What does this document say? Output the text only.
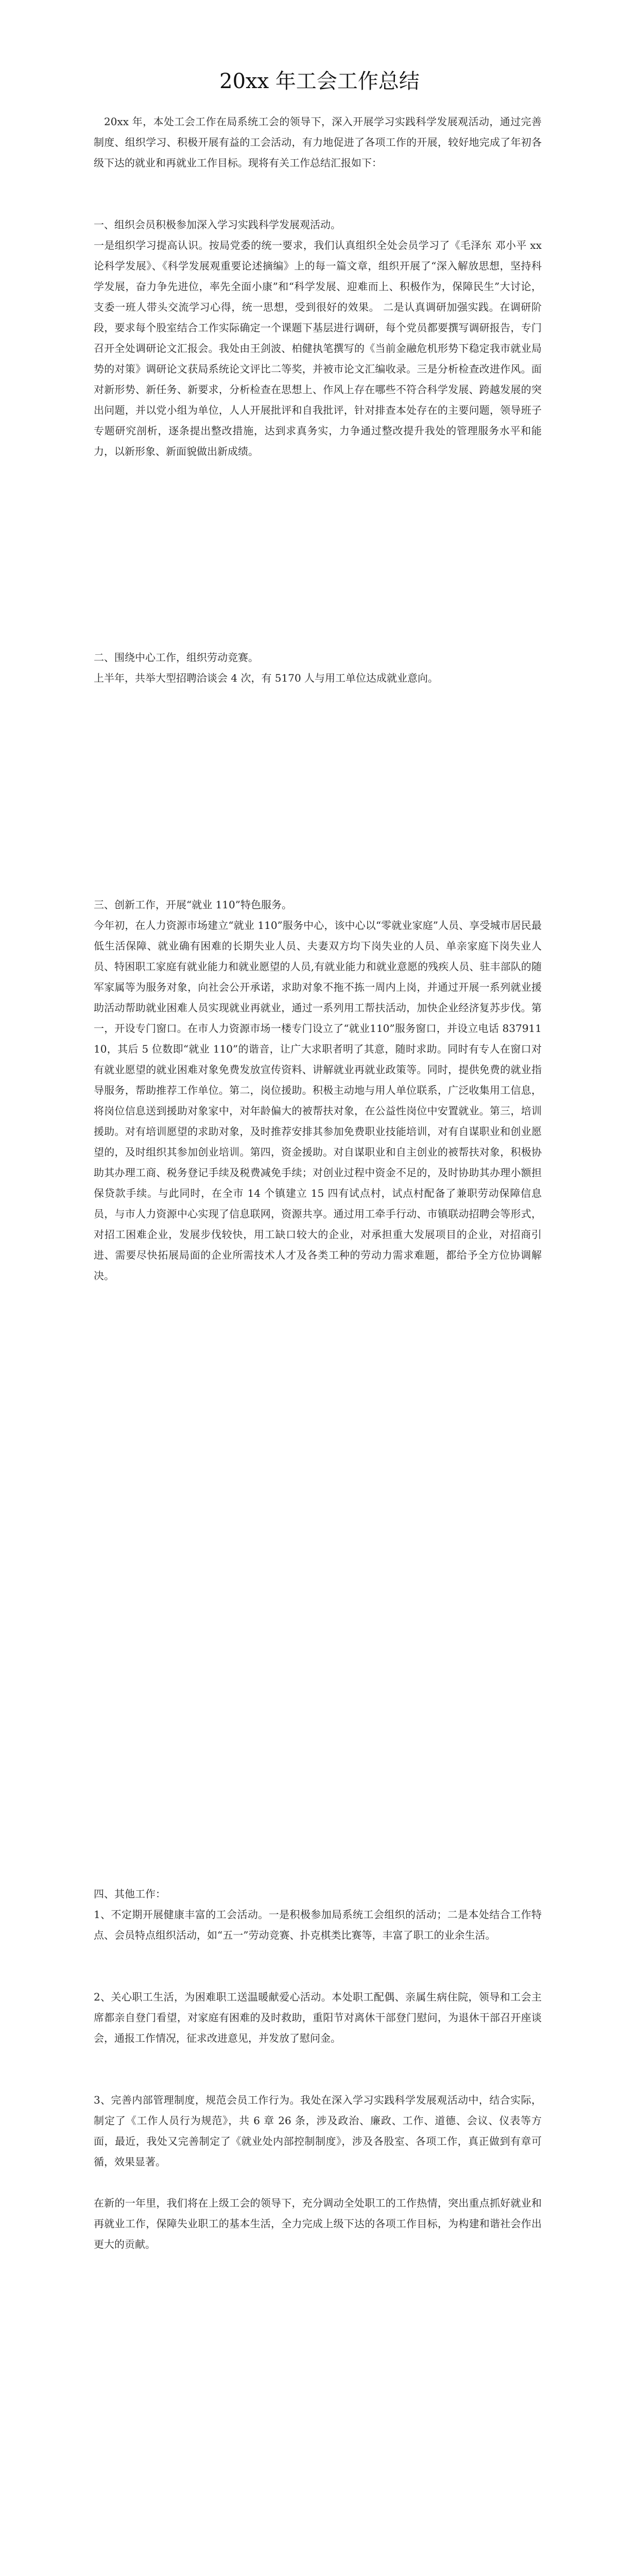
20xx 年工会工作总结

20xx 年，本处工会工作在局系统工会的领导下，深入开展学习实践科学发展观活动，通过完善制度、组织学习、积极开展有益的工会活动，有力地促进了各项工作的开展，较好地完成了年初各级下达的就业和再就业工作目标。现将有关工作总结汇报如下：

一、组织会员积极参加深入学习实践科学发展观活动。

一是组织学习提高认识。按局党委的统一要求，我们认真组织全处会员学习了《毛泽东 邓小平 xx论科学发展》、《科学发展观重要论述摘编》上的每一篇文章，组织开展了“深入解放思想，坚持科学发展，奋力争先进位，率先全面小康”和“科学发展、迎难而上、积极作为，保障民生”大讨论，支委一班人带头交流学习心得，统一思想，受到很好的效果。 二是认真调研加强实践。在调研阶段，要求每个股室结合工作实际确定一个课题下基层进行调研，每个党员都要撰写调研报告，专门召开全处调研论文汇报会。我处由王剑波、柏健执笔撰写的《当前金融危机形势下稳定我市就业局势的对策》调研论文获局系统论文评比二等奖，并被市论文汇编收录。三是分析检查改进作风。面对新形势、新任务、新要求，分析检查在思想上、作风上存在哪些不符合科学发展、跨越发展的突出问题，并以党小组为单位，人人开展批评和自我批评，针对排查本处存在的主要问题，领导班子专题研究剖析，逐条提出整改措施，达到求真务实，力争通过整改提升我处的管理服务水平和能力，以新形象、新面貌做出新成绩。

二、围绕中心工作，组织劳动竞赛。

上半年，共举大型招聘洽谈会 4 次，有 5170 人与用工单位达成就业意向。

三、创新工作，开展“就业 110”特色服务。

今年初，在人力资源市场建立“就业 110”服务中心，该中心以“零就业家庭”人员、享受城市居民最低生活保障、就业确有困难的长期失业人员、夫妻双方均下岗失业的人员、单亲家庭下岗失业人员、特困职工家庭有就业能力和就业愿望的人员,有就业能力和就业意愿的残疾人员、驻丰部队的随军家属等为服务对象，向社会公开承诺，求助对象不拖不拣一周内上岗，并通过开展一系列就业援助活动帮助就业困难人员实现就业再就业，通过一系列用工帮扶活动，加快企业经济复苏步伐。第一，开设专门窗口。在市人力资源市场一楼专门设立了“就业110”服务窗口，并设立电话 83791110，其后 5 位数即“就业 110”的谐音，让广大求职者明了其意，随时求助。同时有专人在窗口对有就业愿望的就业困难对象免费发放宣传资料、讲解就业再就业政策等。同时，提供免费的就业指导服务，帮助推荐工作单位。第二，岗位援助。积极主动地与用人单位联系，广泛收集用工信息，将岗位信息送到援助对象家中，对年龄偏大的被帮扶对象，在公益性岗位中安置就业。第三，培训援助。对有培训愿望的求助对象，及时推荐安排其参加免费职业技能培训，对有自谋职业和创业愿望的，及时组织其参加创业培训。第四，资金援助。对自谋职业和自主创业的被帮扶对象，积极协助其办理工商、税务登记手续及税费减免手续；对创业过程中资金不足的，及时协助其办理小额担保贷款手续。与此同时，在全市 14 个镇建立 15 四有试点村，试点村配备了兼职劳动保障信息员，与市人力资源中心实现了信息联网，资源共享。通过用工牵手行动、市镇联动招聘会等形式，对招工困难企业，发展步伐较快，用工缺口较大的企业，对承担重大发展项目的企业，对招商引进、需要尽快拓展局面的企业所需技术人才及各类工种的劳动力需求难题，都给予全方位协调解决。

四、其他工作：

1、不定期开展健康丰富的工会活动。一是积极参加局系统工会组织的活动；二是本处结合工作特点、会员特点组织活动，如“五一”劳动竞赛、扑克棋类比赛等，丰富了职工的业余生活。

2、关心职工生活，为困难职工送温暖献爱心活动。本处职工配偶、亲属生病住院，领导和工会主席都亲自登门看望，对家庭有困难的及时救助，重阳节对离休干部登门慰问，为退休干部召开座谈会，通报工作情况，征求改进意见，并发放了慰问金。

3、完善内部管理制度，规范会员工作行为。我处在深入学习实践科学发展观活动中，结合实际，制定了《工作人员行为规范》，共 6 章 26 条，涉及政治、廉政、工作、道德、会议、仪表等方面，最近，我处又完善制定了《就业处内部控制制度》，涉及各股室、各项工作，真正做到有章可循，效果显著。

在新的一年里，我们将在上级工会的领导下，充分调动全处职工的工作热情，突出重点抓好就业和再就业工作，保障失业职工的基本生活，全力完成上级下达的各项工作目标，为构建和谐社会作出更大的贡献。
